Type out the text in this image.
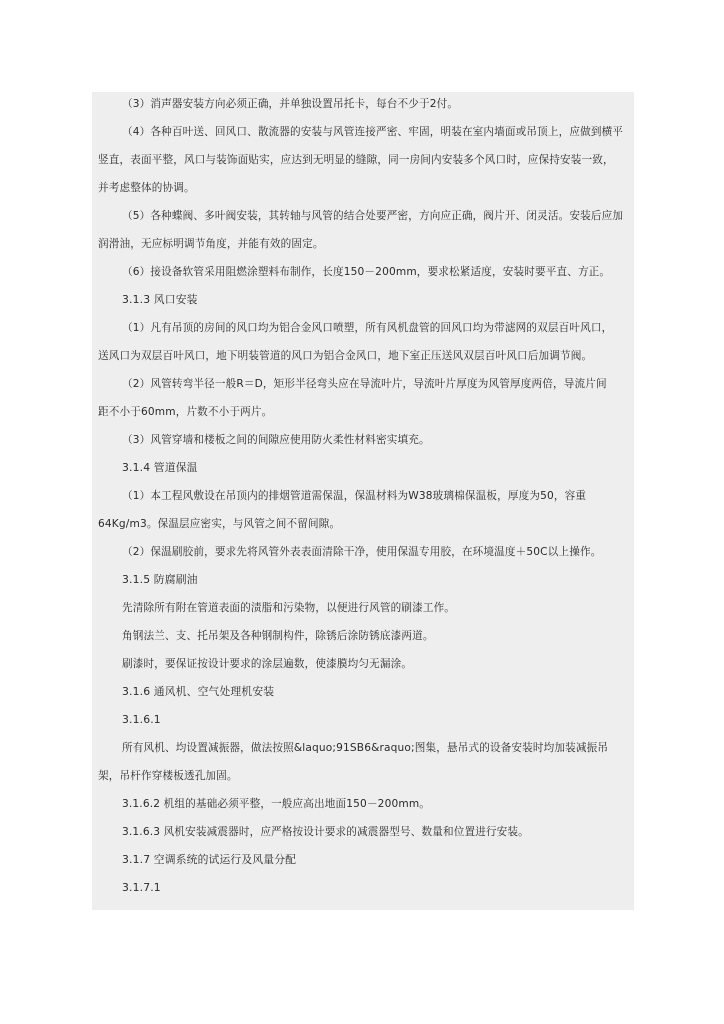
（3）消声器安装方向必须正确，并单独设置吊托卡，每台不少于2付。
（4）各种百叶送、回风口、散流器的安装与风管连接严密、牢固，明装在室内墙面或吊顶上，应做到横平
竖直，表面平整，风口与装饰面贴实，应达到无明显的缝隙，同一房间内安装多个风口时，应保持安装一致，
并考虑整体的协调。
（5）各种蝶阀、多叶阀安装，其转轴与风管的结合处要严密，方向应正确，阀片开、闭灵活。安装后应加
润滑油，无应标明调节角度，并能有效的固定。
（6）接设备软管采用阻燃涂塑料布制作，长度150－200mm，要求松紧适度，安装时要平直、方正。
3.1.3 风口安装
（1）凡有吊顶的房间的风口均为铝合金风口喷塑，所有风机盘管的回风口均为带滤网的双层百叶风口，
送风口为双层百叶风口，地下明装管道的风口为铝合金风口，地下室正压送风双层百叶风口后加调节阀。
（2）风管转弯半径一般R＝D，矩形半径弯头应在导流叶片，导流叶片厚度为风管厚度两倍，导流片间
距不小于60mm，片数不小于两片。
（3）风管穿墙和楼板之间的间隙应使用防火柔性材料密实填充。
3.1.4 管道保温
（1）本工程风敷设在吊顶内的排烟管道需保温，保温材料为W38玻璃棉保温板，厚度为50，容重
64Kg/m3。保温层应密实，与风管之间不留间隙。
（2）保温刷胶前，要求先将风管外表表面清除干净，使用保温专用胶，在环境温度＋50C以上操作。
3.1.5 防腐刷油
先清除所有附在管道表面的渍脂和污染物，以便进行风管的刷漆工作。
角钢法兰、支、托吊架及各种钢制构件，除锈后涂防锈底漆两道。
刷漆时，要保证按设计要求的涂层遍数，使漆膜均匀无漏涂。
3.1.6 通风机、空气处理机安装
3.1.6.1
所有风机、均设置减振器，做法按照&laquo;91SB6&raquo;图集，悬吊式的设备安装时均加装减振吊
架，吊杆作穿楼板透孔加固。
3.1.6.2 机组的基础必须平整，一般应高出地面150－200mm。
3.1.6.3 风机安装减震器时，应严格按设计要求的减震器型号、数量和位置进行安装。
3.1.7 空调系统的试运行及风量分配
3.1.7.1
